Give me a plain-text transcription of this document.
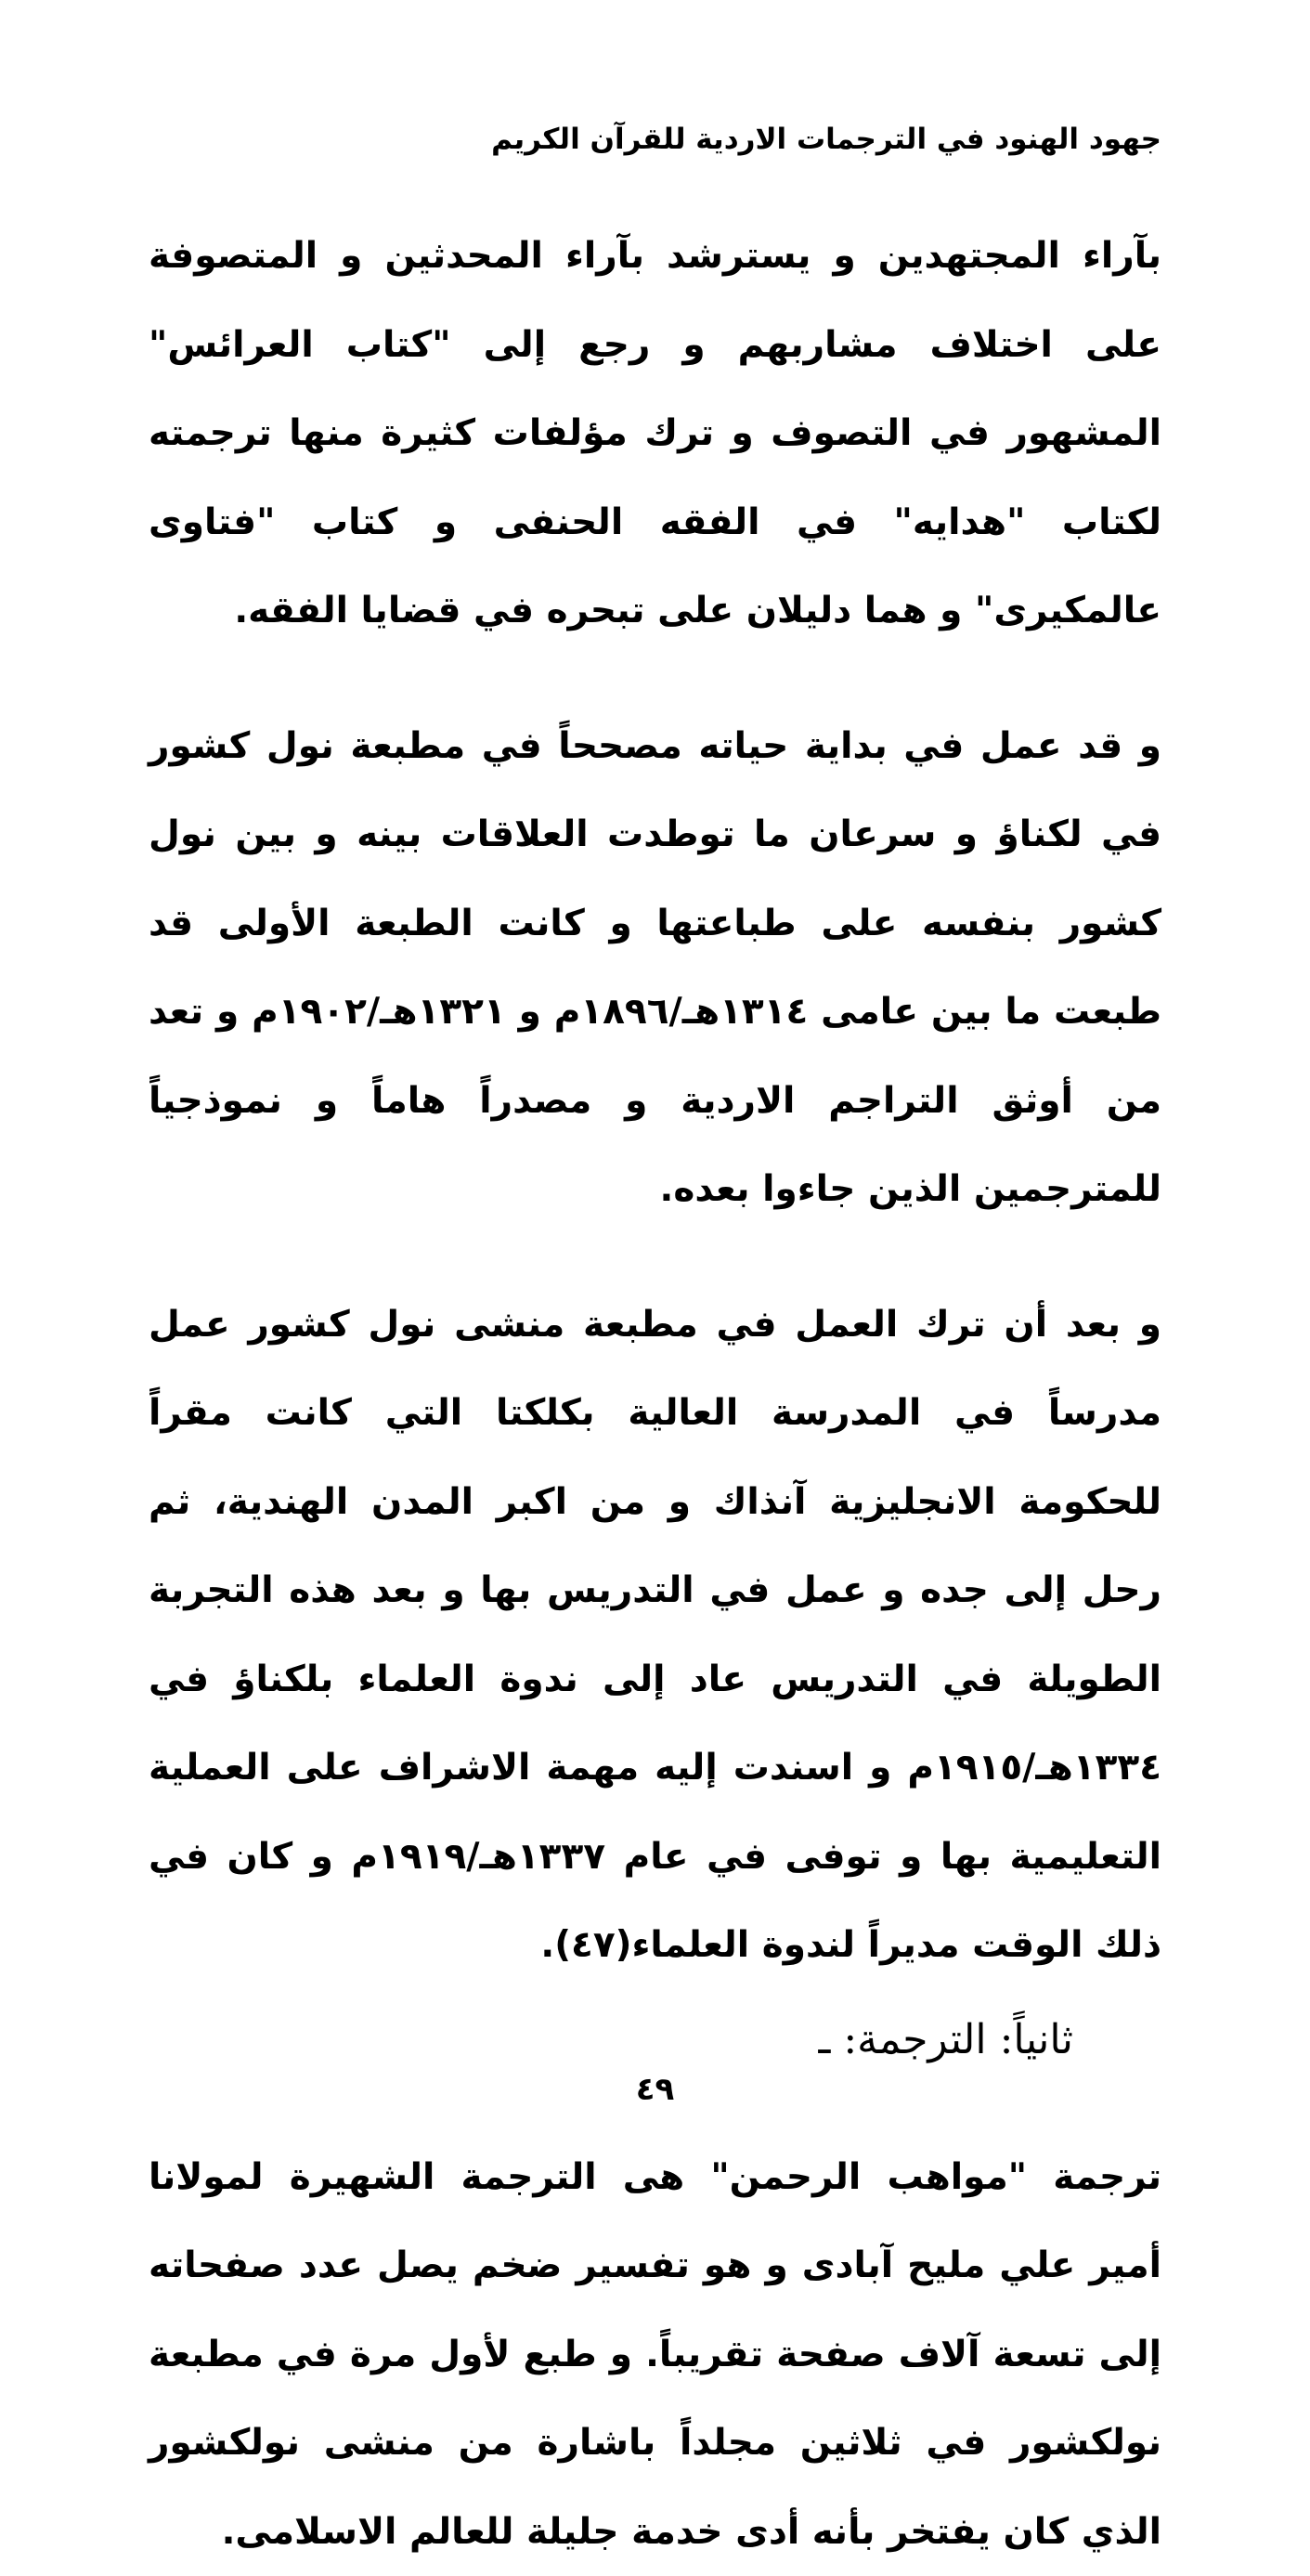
جهود الهنود في الترجمات الاردية للقرآن الكريم

بآراء المجتهدين و يسترشد بآراء المحدثين و المتصوفة على اختلاف مشاربهم و رجع إلى "كتاب العرائس" المشهور في التصوف و ترك مؤلفات كثيرة منها ترجمته لكتاب "هدايه" في الفقه الحنفى و كتاب "فتاوى عالمكيرى" و هما دليلان على تبحره في قضايا الفقه.

و قد عمل في بداية حياته مصححاً في مطبعة نول كشور في لكناؤ و سرعان ما توطدت العلاقات بينه و بين نول كشور بنفسه على طباعتها و كانت الطبعة الأولى قد طبعت ما بين عامى ١٣١٤هـ/١٨٩٦م و ١٣٢١هـ/١٩٠٢م و تعد من أوثق التراجم الاردية و مصدراً هاماً و نموذجياً للمترجمين الذين جاءوا بعده.

و بعد أن ترك العمل في مطبعة منشى نول كشور عمل مدرساً في المدرسة العالية بكلكتا التي كانت مقراً للحكومة الانجليزية آنذاك و من اكبر المدن الهندية، ثم رحل إلى جده و عمل في التدريس بها و بعد هذه التجربة الطويلة في التدريس عاد إلى ندوة العلماء بلكناؤ في ١٣٣٤هـ/١٩١٥م و اسندت إليه مهمة الاشراف على العملية التعليمية بها و توفى في عام ١٣٣٧هـ/١٩١٩م و كان في ذلك الوقت مديراً لندوة العلماء(٤٧).

ثانياً: الترجمة: ـ

ترجمة "مواهب الرحمن" هى الترجمة الشهيرة لمولانا أمير علي مليح آبادى و هو تفسير ضخم يصل عدد صفحاته إلى تسعة آلاف صفحة تقريباً. و طبع لأول مرة في مطبعة نولكشور في ثلاثين مجلداً باشارة من منشى نولكشور الذي كان يفتخر بأنه أدى خدمة جليلة للعالم الاسلامى.

٤٩
